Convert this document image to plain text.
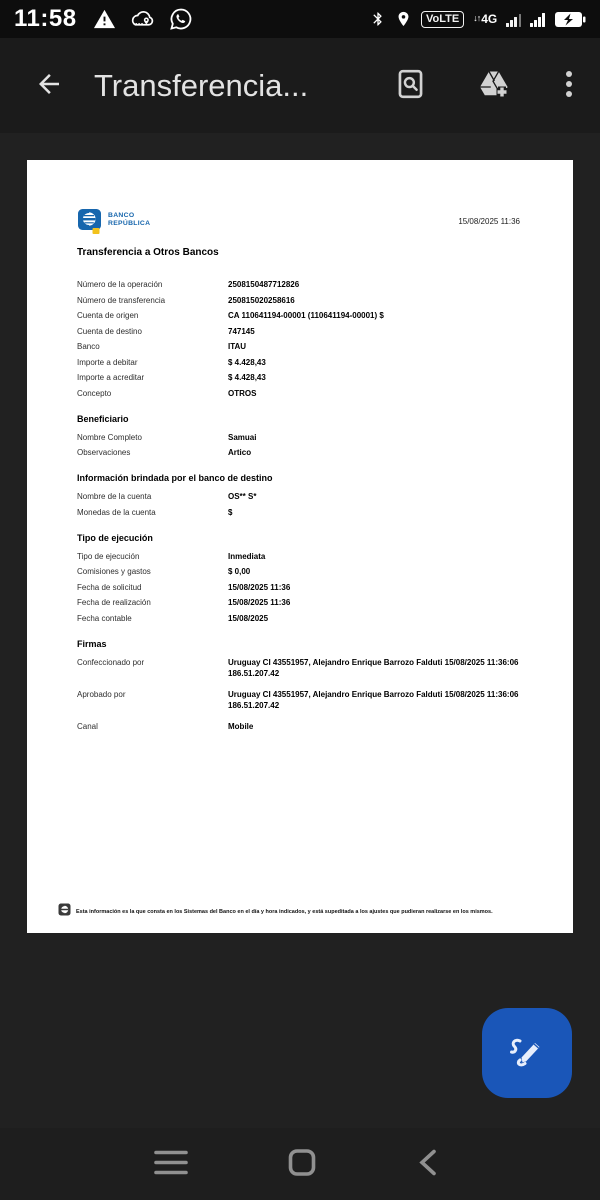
11:58	VoLTE	↓↑ 4G
Transferencia...
BANCO
REPÚBLICA	15/08/2025 11:36
Transferencia a Otros Bancos
Número de la operación	2508150487712826
Número de transferencia	250815020258616
Cuenta de origen	CA 110641194-00001 (110641194-00001) $
Cuenta de destino	747145
Banco	ITAU
Importe a debitar	$ 4.428,43
Importe a acreditar	$ 4.428,43
Concepto	OTROS
Beneficiario
Nombre Completo	Samuai
Observaciones	Artico
Información brindada por el banco de destino
Nombre de la cuenta	OS** S*
Monedas de la cuenta	$
Tipo de ejecución
Tipo de ejecución	Inmediata
Comisiones y gastos	$ 0,00
Fecha de solicitud	15/08/2025 11:36
Fecha de realización	15/08/2025 11:36
Fecha contable	15/08/2025
Firmas
Confeccionado por	Uruguay CI 43551957, Alejandro Enrique Barrozo Falduti 15/08/2025 11:36:06 186.51.207.42
Aprobado por	Uruguay CI 43551957, Alejandro Enrique Barrozo Falduti 15/08/2025 11:36:06 186.51.207.42
Canal	Mobile
Esta información es la que consta en los Sistemas del Banco en el día y hora indicados, y está supeditada a los ajustes que pudieran realizarse en los mismos.
